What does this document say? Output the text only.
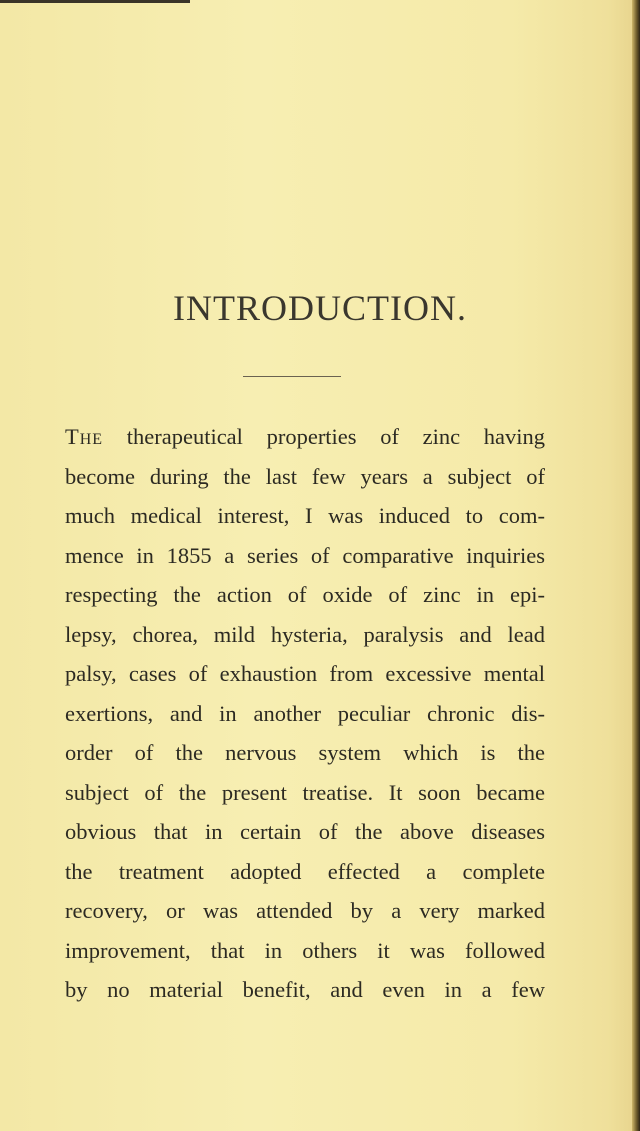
INTRODUCTION.
The therapeutical properties of zinc having
become during the last few years a subject of
much medical interest, I was induced to com-
mence in 1855 a series of comparative inquiries
respecting the action of oxide of zinc in epi-
lepsy, chorea, mild hysteria, paralysis and lead
palsy, cases of exhaustion from excessive mental
exertions, and in another peculiar chronic dis-
order of the nervous system which is the
subject of the present treatise. It soon became
obvious that in certain of the above diseases
the treatment adopted effected a complete
recovery, or was attended by a very marked
improvement, that in others it was followed
by no material benefit, and even in a few
